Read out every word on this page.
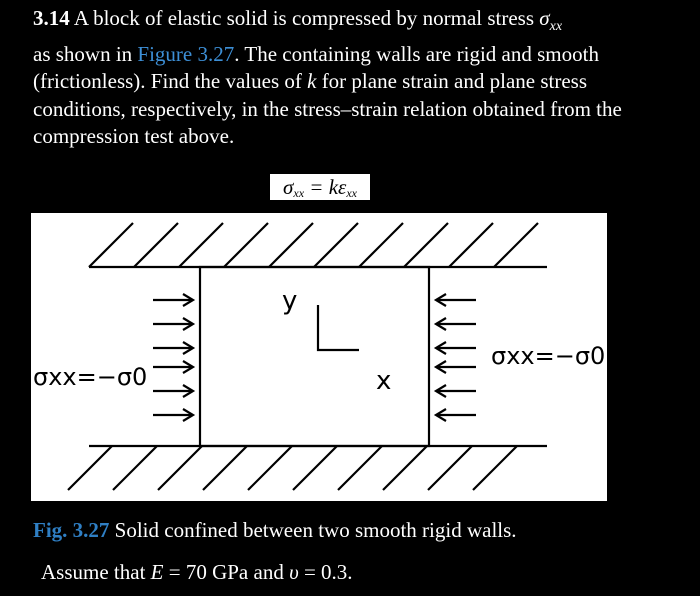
3.14 A block of elastic solid is compressed by normal stress $\sigma_{xx}$
as shown in Figure 3.27. The containing walls are rigid and smooth (frictionless). Find the values of k for plane strain and plane stress conditions, respectively, in the stress–strain relation obtained from the compression test above.
$\sigma_{xx} = k\varepsilon_{xx}$
y
x
σxx=−σ0
σxx=−σ0

Fig. 3.27 Solid confined between two smooth rigid walls.

Assume that E = 70 GPa and υ = 0.3.
